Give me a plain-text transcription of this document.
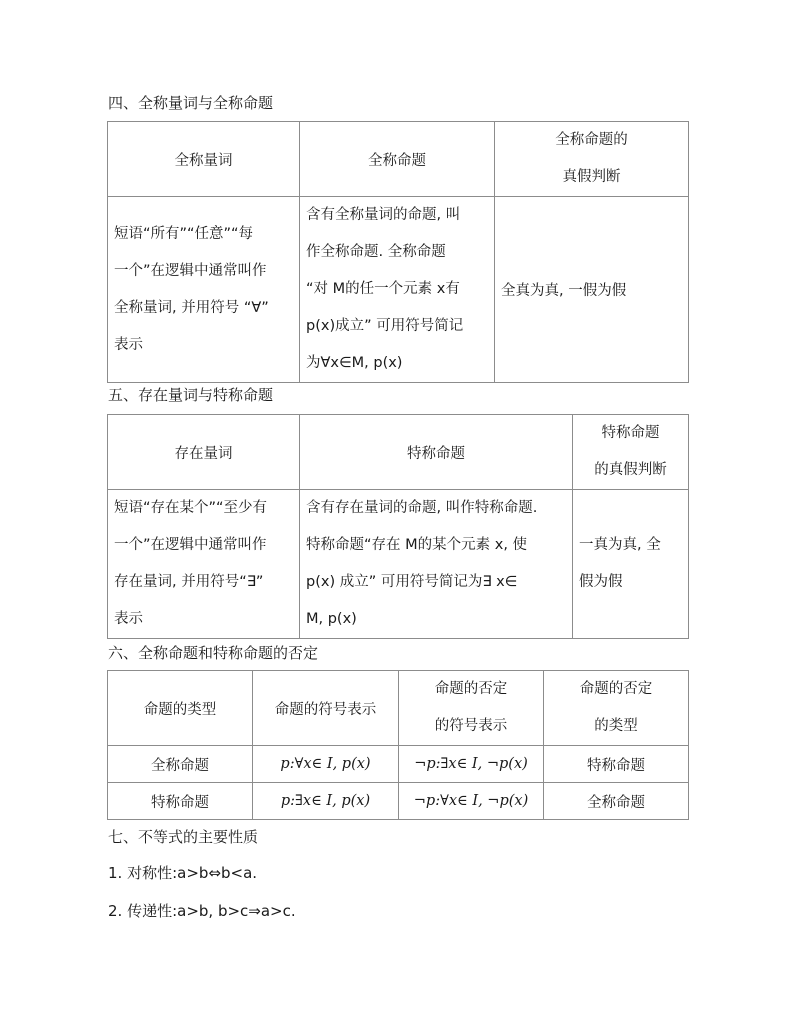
四、全称量词与全称命题
全称量词	全称命题	全称命题的
真假判断

短语“所有”“任意”“每
一个”在逻辑中通常叫作
全称量词, 并用符号 “∀”
表示	含有全称量词的命题, 叫
作全称命题. 全称命题
“对 M的任一个元素 x有
p(x)成立” 可用符号简记
为∀x∈M, p(x)	全真为真, 一假为假
五、存在量词与特称命题
存在量词	特称命题	特称命题
的真假判断

短语“存在某个”“至少有
一个”在逻辑中通常叫作
存在量词, 并用符号“∃”
表示	含有存在量词的命题, 叫作特称命题.
特称命题“存在 M的某个元素 x, 使
p(x) 成立” 可用符号简记为∃ x∈
M, p(x)	一真为真, 全
假为假
六、全称命题和特称命题的否定
命题的类型	命题的符号表示	命题的否定
的符号表示	命题的否定
的类型

全称命题	p:∀x∈ I, p(x)	¬p:∃x∈ I, ¬p(x)	特称命题
特称命题	p:∃x∈ I, p(x)	¬p:∀x∈ I, ¬p(x)	全称命题
七、不等式的主要性质
1. 对称性:a>b⇔b<a.
2. 传递性:a>b, b>c⇒a>c.
